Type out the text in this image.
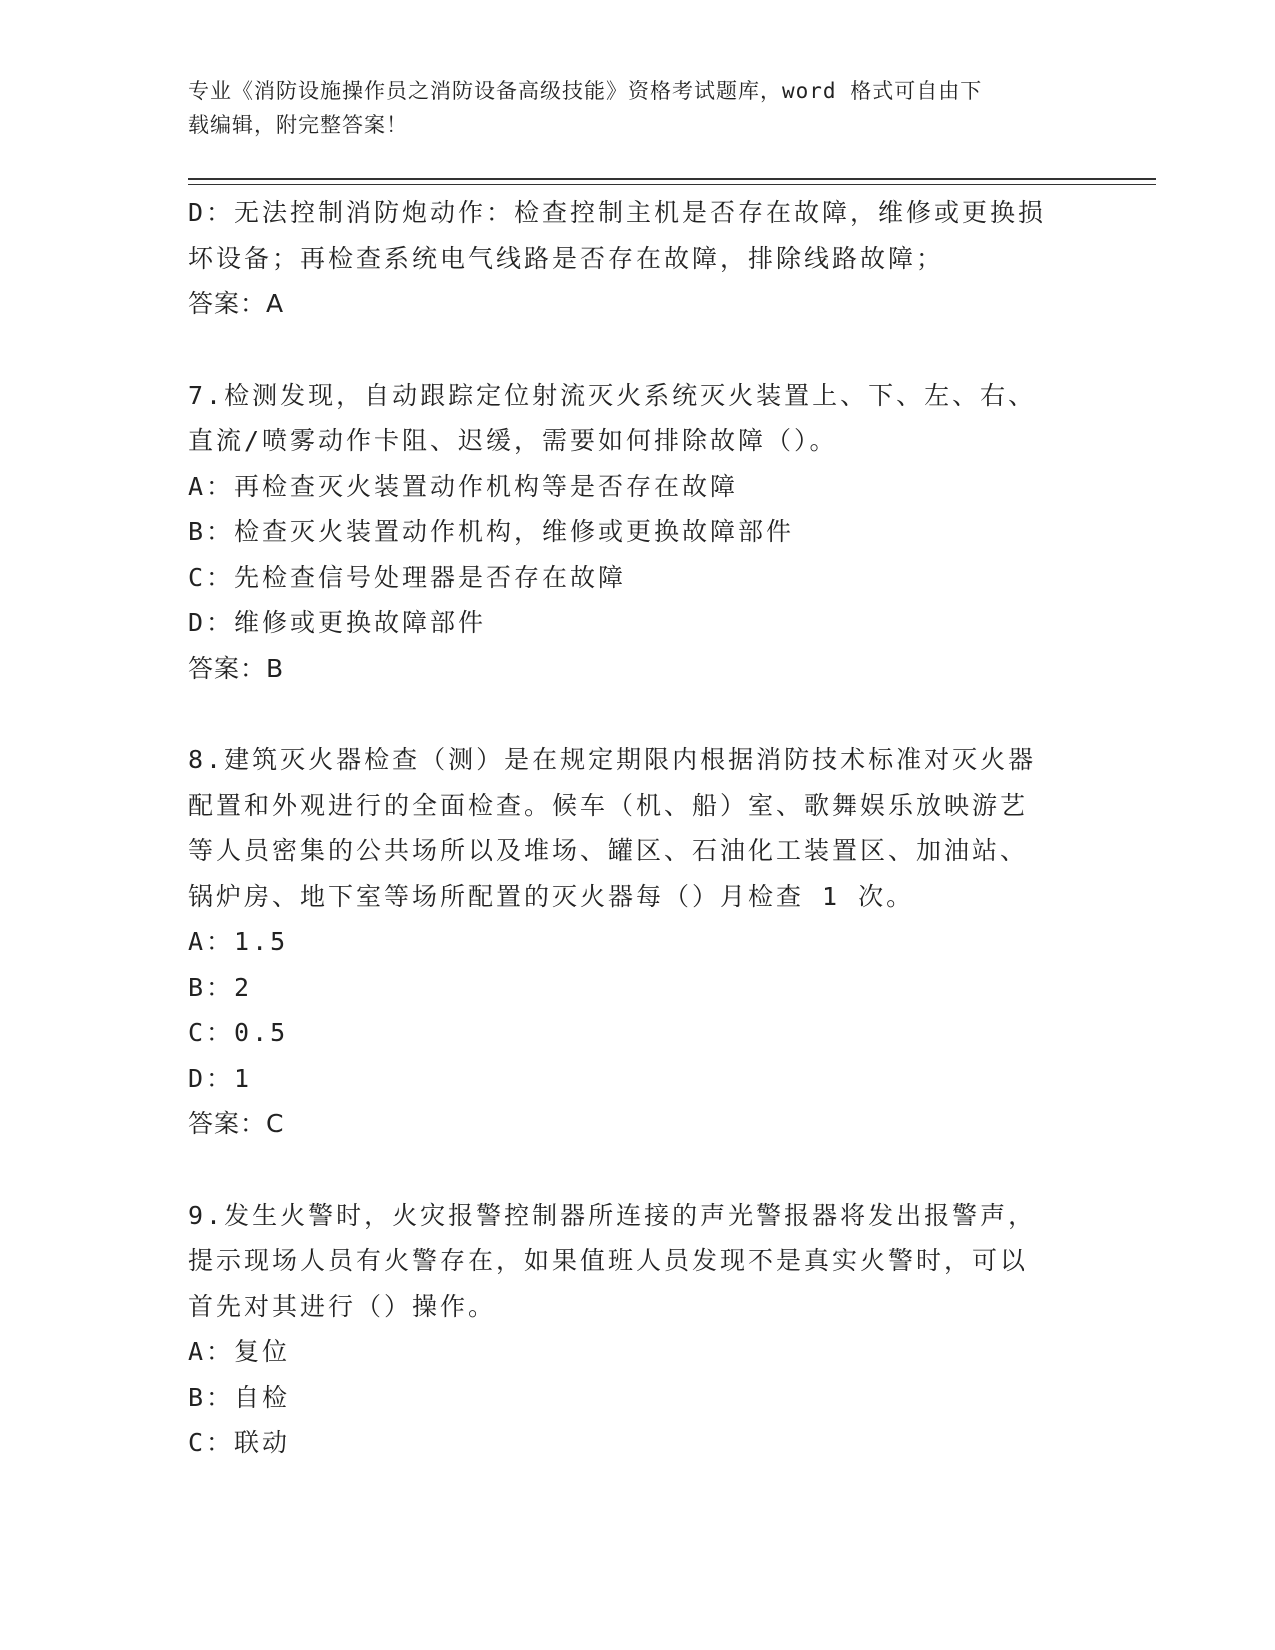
专业《消防设施操作员之消防设备高级技能》资格考试题库，word 格式可自由下
载编辑，附完整答案！
D：无法控制消防炮动作：检查控制主机是否存在故障，维修或更换损
坏设备；再检查系统电气线路是否存在故障，排除线路故障；
答案：A
7.检测发现，自动跟踪定位射流灭火系统灭火装置上、下、左、右、
直流/喷雾动作卡阻、迟缓，需要如何排除故障（）。
A：再检查灭火装置动作机构等是否存在故障
B：检查灭火装置动作机构，维修或更换故障部件
C：先检查信号处理器是否存在故障
D：维修或更换故障部件
答案：B
8.建筑灭火器检查（测）是在规定期限内根据消防技术标准对灭火器
配置和外观进行的全面检查。候车（机、船）室、歌舞娱乐放映游艺
等人员密集的公共场所以及堆场、罐区、石油化工装置区、加油站、
锅炉房、地下室等场所配置的灭火器每（）月检查 1 次。
A：1.5
B：2
C：0.5
D：1
答案：C
9.发生火警时，火灾报警控制器所连接的声光警报器将发出报警声，
提示现场人员有火警存在，如果值班人员发现不是真实火警时，可以
首先对其进行（）操作。
A：复位
B：自检
C：联动
